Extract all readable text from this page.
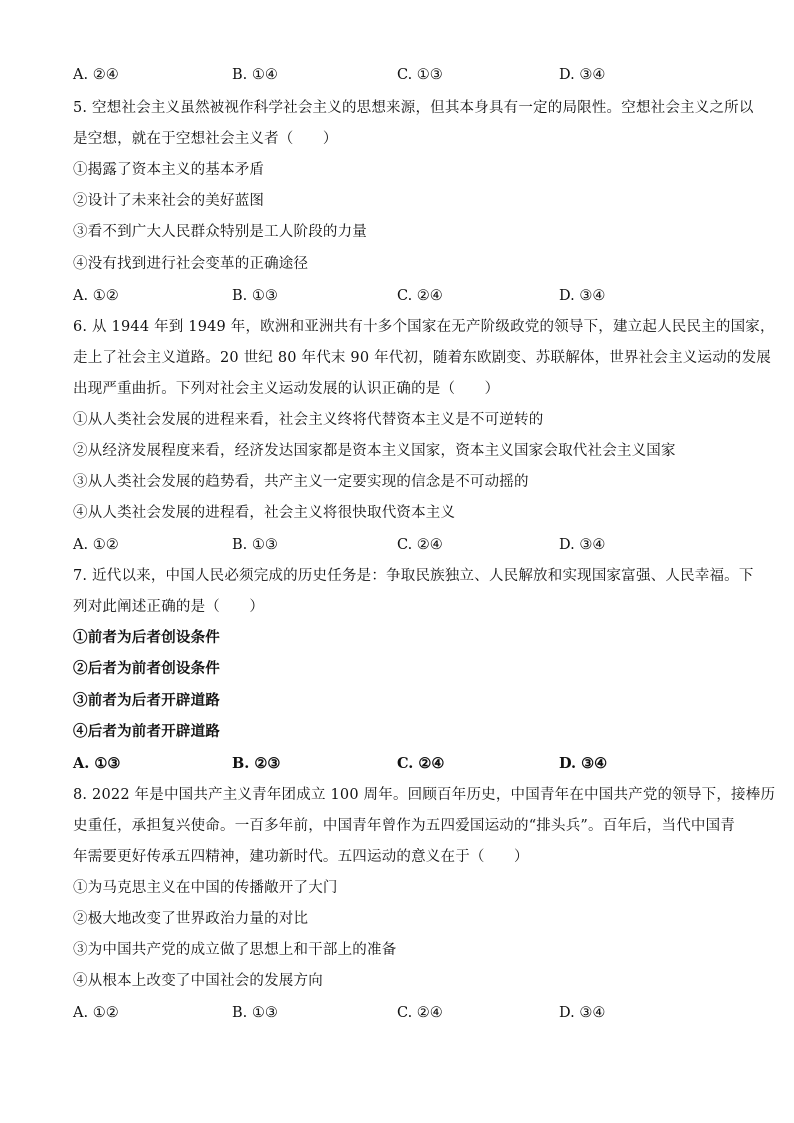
A. ②④	B. ①④	C. ①③	D. ③④
5. 空想社会主义虽然被视作科学社会主义的思想来源，但其本身具有一定的局限性。空想社会主义之所以
是空想，就在于空想社会主义者（　　）
①揭露了资本主义的基本矛盾
②设计了未来社会的美好蓝图
③看不到广大人民群众特别是工人阶段的力量
④没有找到进行社会变革的正确途径
A. ①②	B. ①③	C. ②④	D. ③④
6. 从 1944 年到 1949 年，欧洲和亚洲共有十多个国家在无产阶级政党的领导下，建立起人民民主的国家，
走上了社会主义道路。20 世纪 80 年代末 90 年代初，随着东欧剧变、苏联解体，世界社会主义运动的发展
出现严重曲折。下列对社会主义运动发展的认识正确的是（　　）
①从人类社会发展的进程来看，社会主义终将代替资本主义是不可逆转的
②从经济发展程度来看，经济发达国家都是资本主义国家，资本主义国家会取代社会主义国家
③从人类社会发展的趋势看，共产主义一定要实现的信念是不可动摇的
④从人类社会发展的进程看，社会主义将很快取代资本主义
A. ①②	B. ①③	C. ②④	D. ③④
7. 近代以来，中国人民必须完成的历史任务是：争取民族独立、人民解放和实现国家富强、人民幸福。下
列对此阐述正确的是（　　）
①前者为后者创设条件
②后者为前者创设条件
③前者为后者开辟道路
④后者为前者开辟道路
A. ①③	B. ②③	C. ②④	D. ③④
8. 2022 年是中国共产主义青年团成立 100 周年。回顾百年历史，中国青年在中国共产党的领导下，接棒历
史重任，承担复兴使命。一百多年前，中国青年曾作为五四爱国运动的“排头兵”。百年后，当代中国青
年需要更好传承五四精神，建功新时代。五四运动的意义在于（　　）
①为马克思主义在中国的传播敞开了大门
②极大地改变了世界政治力量的对比
③为中国共产党的成立做了思想上和干部上的准备
④从根本上改变了中国社会的发展方向
A. ①②	B. ①③	C. ②④	D. ③④
